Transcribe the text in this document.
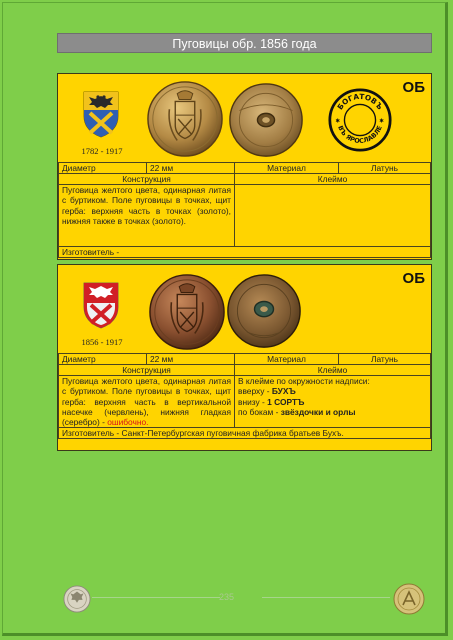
Пуговицы обр. 1856 года
ОБ
1782 - 1917
БОГАТОВЪ
ВЪ ЯРОСЛАВЛЕ
✱	✱
Диаметр	22 мм	Материал	Латунь
Конструкция		Клеймо	
Пуговица желтого цвета, одинарная литая с буртиком. Поле пуговицы в точках, щит герба: верхняя часть в точках (золото), нижняя также в точках (золото).			
Изготовитель -			
ОБ
1856 - 1917
Диаметр	22 мм	Материал	Латунь
Конструкция		Клеймо	
Пуговица желтого цвета, одинарная литая с буртиком. Поле пуговицы в точках, щит герба: верхняя часть в вертикальной насечке (червлень), нижняя гладкая (серебро) - ошибочно.		В клейме по окружности надписи:
вверху - БУХЪ
внизу - 1 СОРТЪ
по бокам - звёздочки и орлы	

Изготовитель - Санкт-Петербургская пуговичная фабрика братьев Бухъ.			
235
